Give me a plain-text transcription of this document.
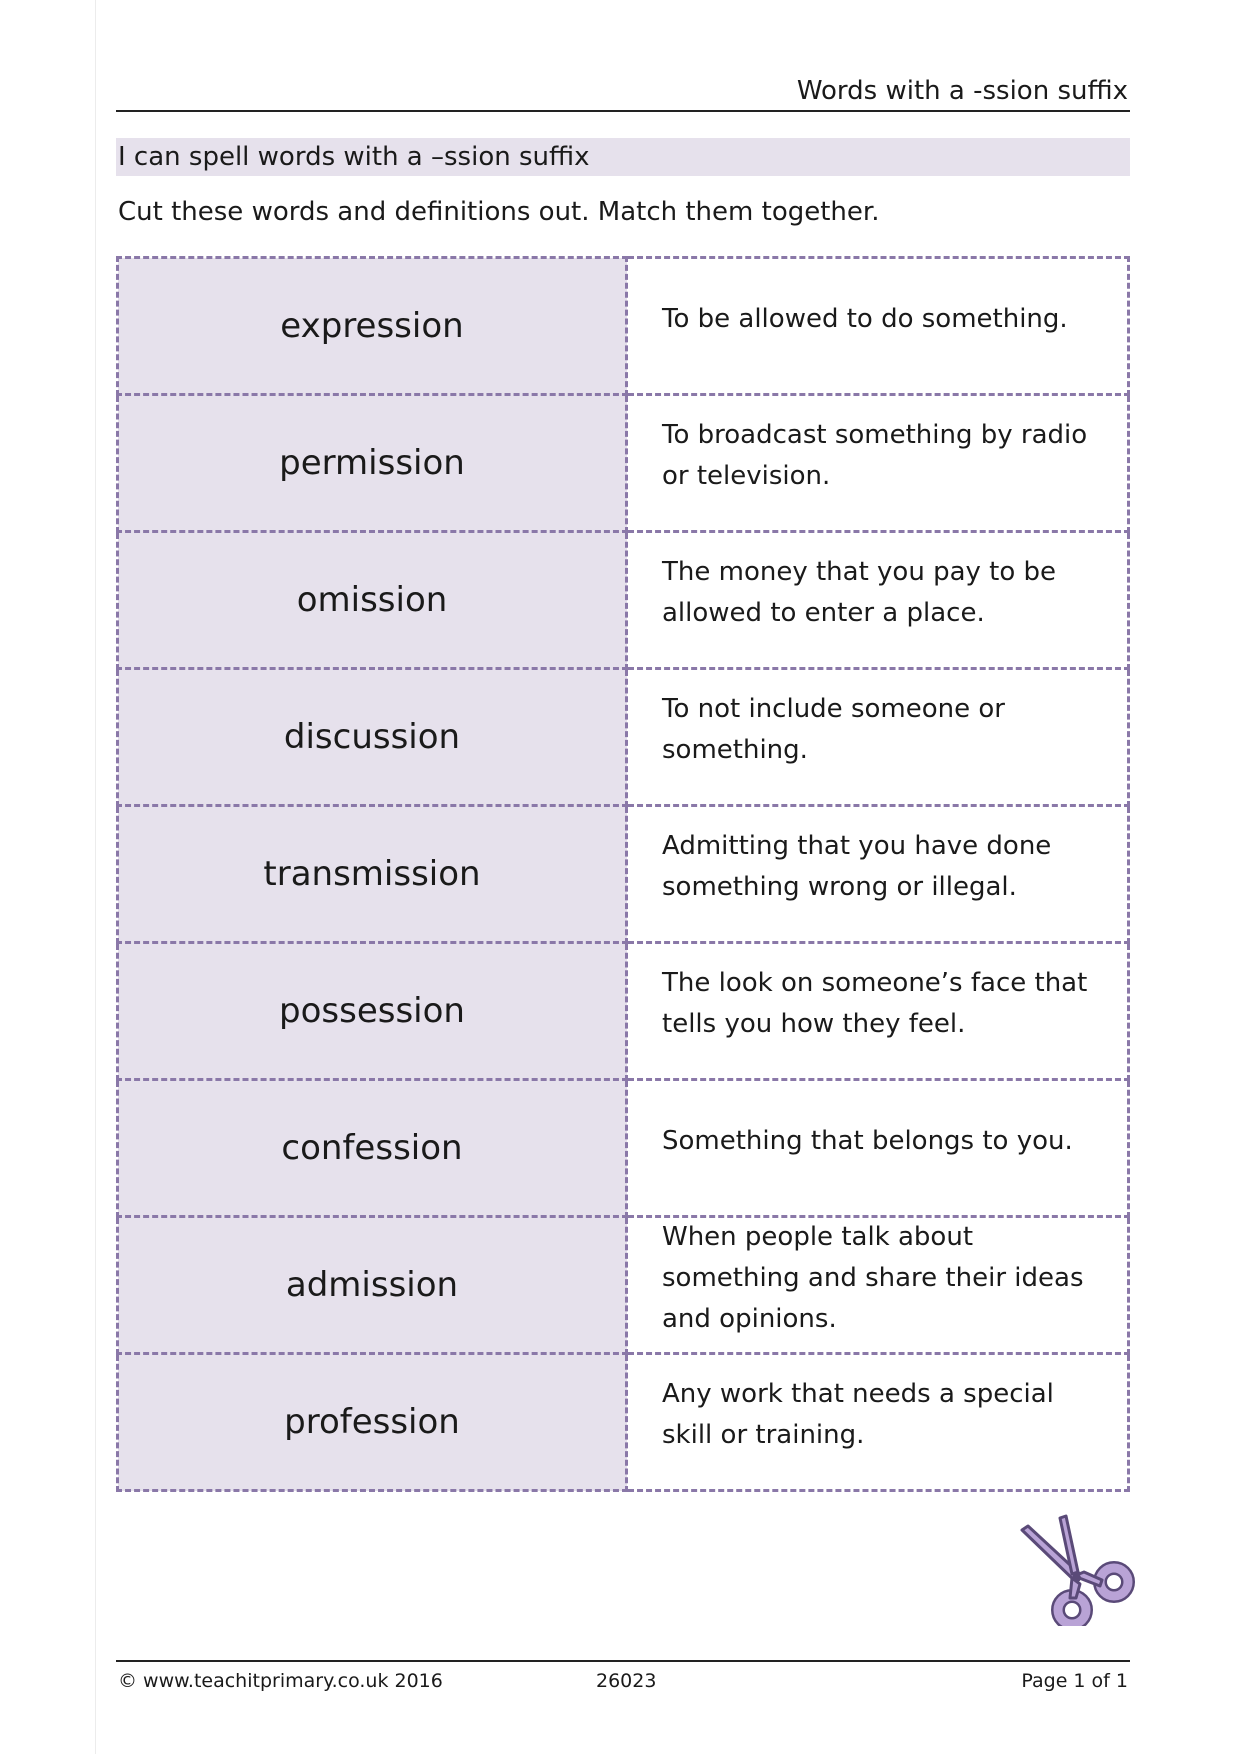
Words with a -ssion suffix
I can spell words with a –ssion suffix
Cut these words and definitions out. Match them together.
expression	To be allowed to do something.

permission	To broadcast something by radio or television.

omission	The money that you pay to be allowed to enter a place.

discussion	To not include someone or something.

transmission	Admitting that you have done something wrong or illegal.

possession	The look on someone’s face that tells you how they feel.

confession	Something that belongs to you.

admission	When people talk about something and share their ideas and opinions.

profession	Any work that needs a special skill or training.
© www.teachitprimary.co.uk 2016	26023	Page 1 of 1
